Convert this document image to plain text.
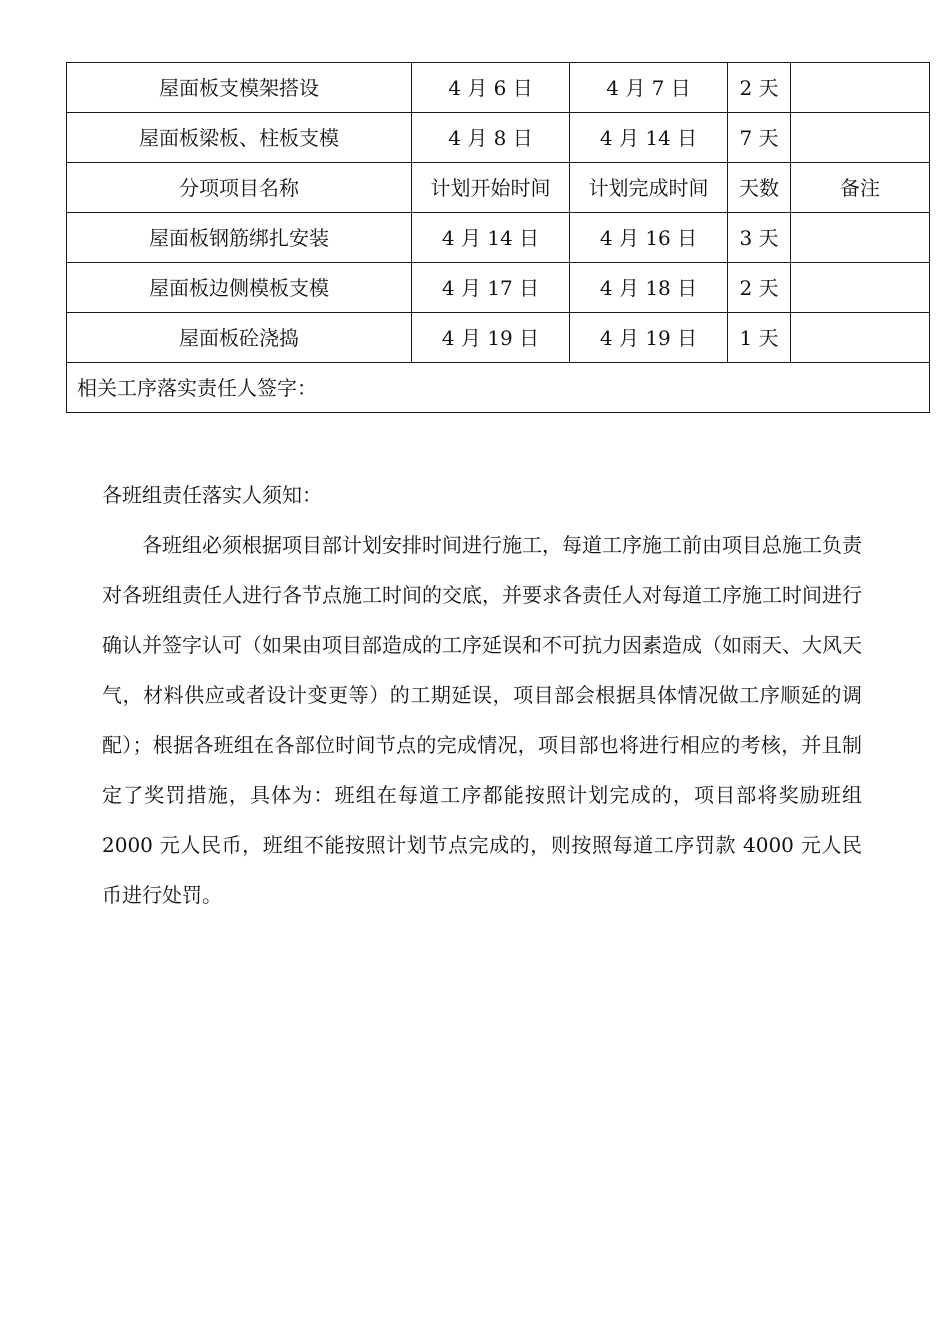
屋面板支模架搭设	4 月 6 日	4 月 7 日	2 天	
屋面板梁板、柱板支模	4 月 8 日	4 月 14 日	7 天	
分项项目名称	计划开始时间	计划完成时间	天数	备注
屋面板钢筋绑扎安装	4 月 14 日	4 月 16 日	3 天	
屋面板边侧模板支模	4 月 17 日	4 月 18 日	2 天	
屋面板砼浇捣	4 月 19 日	4 月 19 日	1 天	
相关工序落实责任人签字：				

各班组责任落实人须知：

各班组必须根据项目部计划安排时间进行施工，每道工序施工前由项目总施工负责对各班组责任人进行各节点施工时间的交底，并要求各责任人对每道工序施工时间进行确认并签字认可（如果由项目部造成的工序延误和不可抗力因素造成（如雨天、大风天气，材料供应或者设计变更等）的工期延误，项目部会根据具体情况做工序顺延的调配）；根据各班组在各部位时间节点的完成情况，项目部也将进行相应的考核，并且制定了奖罚措施，具体为：班组在每道工序都能按照计划完成的，项目部将奖励班组 2000 元人民币，班组不能按照计划节点完成的，则按照每道工序罚款 4000 元人民币进行处罚。
